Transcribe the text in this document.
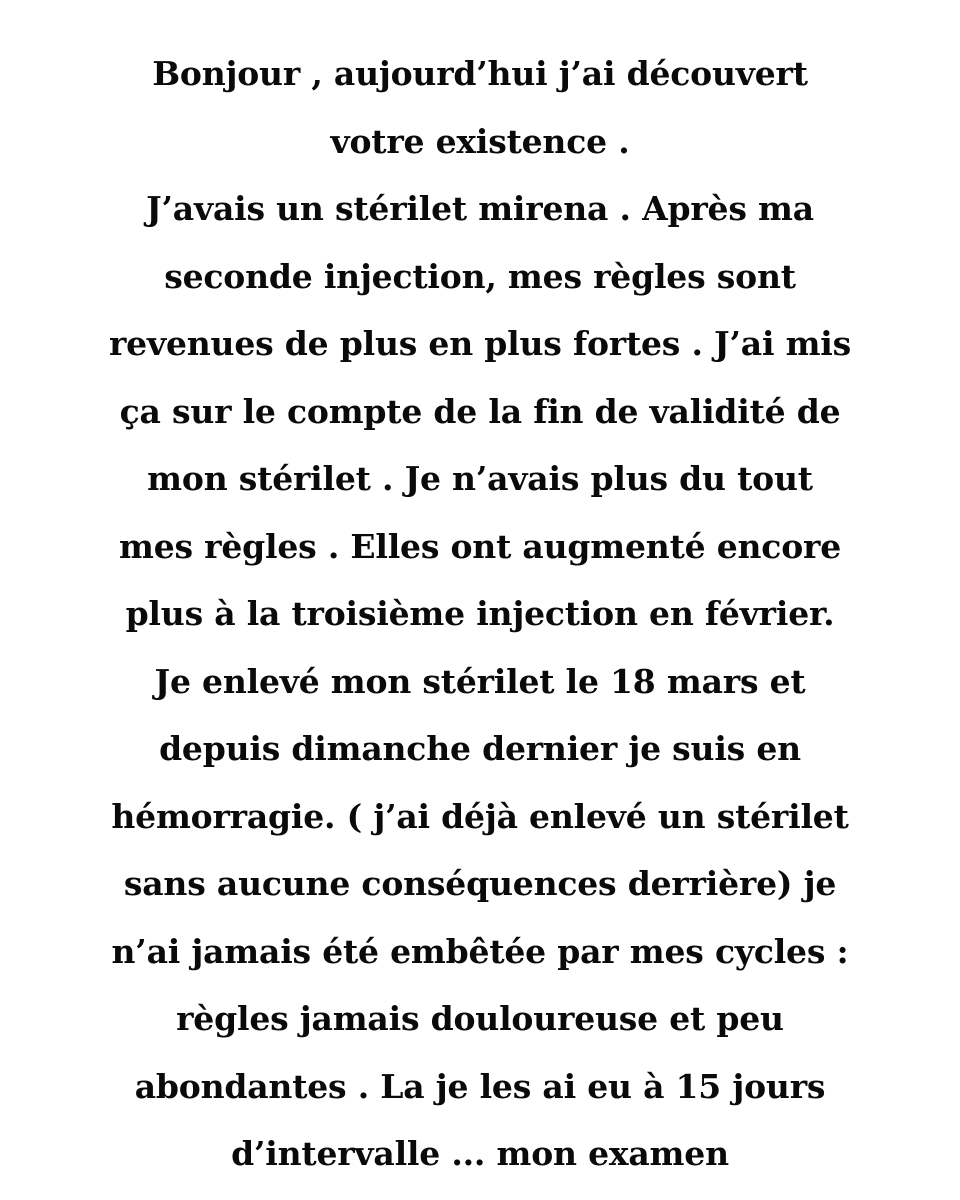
Bonjour , aujourd’hui j’ai découvert
votre existence .
J’avais un stérilet mirena . Après ma
seconde injection, mes règles sont
revenues de plus en plus fortes . J’ai mis
ça sur le compte de la fin de validité de
mon stérilet . Je n’avais plus du tout
mes règles . Elles ont augmenté encore
plus à la troisième injection en février.
Je enlevé mon stérilet le 18 mars et
depuis dimanche dernier je suis en
hémorragie. ( j’ai déjà enlevé un stérilet
sans aucune conséquences derrière) je
n’ai jamais été embêtée par mes cycles :
règles jamais douloureuse et peu
abondantes . La je les ai eu à 15 jours
d’intervalle ... mon examen
